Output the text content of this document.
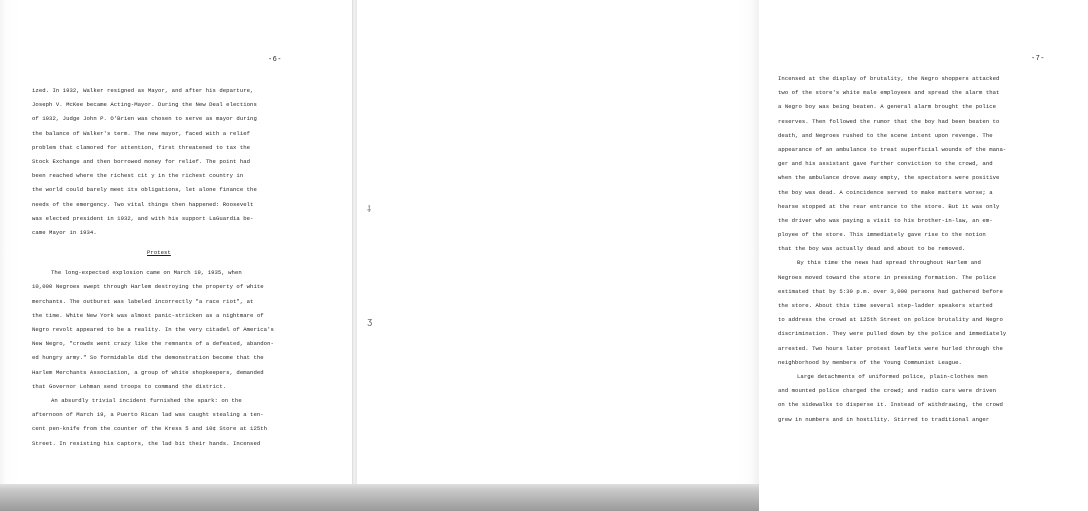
-6-
ized. In 1932, Walker resigned as Mayor, and after his departure,
Joseph V. McKee became Acting-Mayor. During the New Deal elections
of 1932, Judge John P. O'Brien was chosen to serve as mayor during
the balance of Walker's term. The new mayor, faced with a relief
problem that clamored for attention, first threatened to tax the
Stock Exchange and then borrowed money for relief. The point had
been reached where the richest cit y in the richest country in
the world could barely meet its obligations, let alone finance the
needs of the emergency. Two vital things then happened: Roosevelt
was elected president in 1932, and with his support LaGuardia be-
came Mayor in 1934.
Protest
The long-expected explosion came on March 19, 1935, when
10,000 Negroes swept through Harlem destroying the property of white
merchants. The outburst was labeled incorrectly "a race riot", at
the time. White New York was almost panic-stricken as a nightmare of
Negro revolt appeared to be a reality. In the very citadel of America's
New Negro, "crowds went crazy like the remnants of a defeated, abandon-
ed hungry army." So formidable did the demonstration become that the
Harlem Merchants Association, a group of white shopkeepers, demanded
that Governor Lehman send troops to command the district.
An absurdly trivial incident furnished the spark: on the
afternoon of March 19, a Puerto Rican lad was caught stealing a ten-
cent pen-knife from the counter of the Kress 5 and 10¢ Store at 125th
Street. In resisting his captors, the lad bit their hands. Incensed
-7-
Incensed at the display of brutality, the Negro shoppers attacked
two of the store's white male employees and spread the alarm that
a Negro boy was being beaten. A general alarm brought the police
reserves. Then followed the rumor that the boy had been beaten to
death, and Negroes rushed to the scene intent upon revenge. The
appearance of an ambulance to treat superficial wounds of the mana-
ger and his assistant gave further conviction to the crowd, and
when the ambulance drove away empty, the spectators were positive
the boy was dead. A coincidence served to make matters worse; a
hearse stopped at the rear entrance to the store. But it was only
the driver who was paying a visit to his brother-in-law, an em-
ployee of the store. This immediately gave rise to the notion
that the boy was actually dead and about to be removed.
By this time the news had spread throughout Harlem and
Negroes moved toward the store in pressing formation. The police
estimated that by 5:30 p.m. over 3,000 persons had gathered before
the store. About this time several step-ladder speakers started
to address the crowd at 125th Street on police brutality and Negro
discrimination. They were pulled down by the police and immediately
arrested. Two hours later protest leaflets were hurled through the
neighborhood by members of the Young Communist League.
Large detachments of uniformed police, plain-clothes men
and mounted police charged the crowd; and radio cars were driven
on the sidewalks to disperse it. Instead of withdrawing, the crowd
grew in numbers and in hostility. Stirred to traditional anger
⸸
ʒ
